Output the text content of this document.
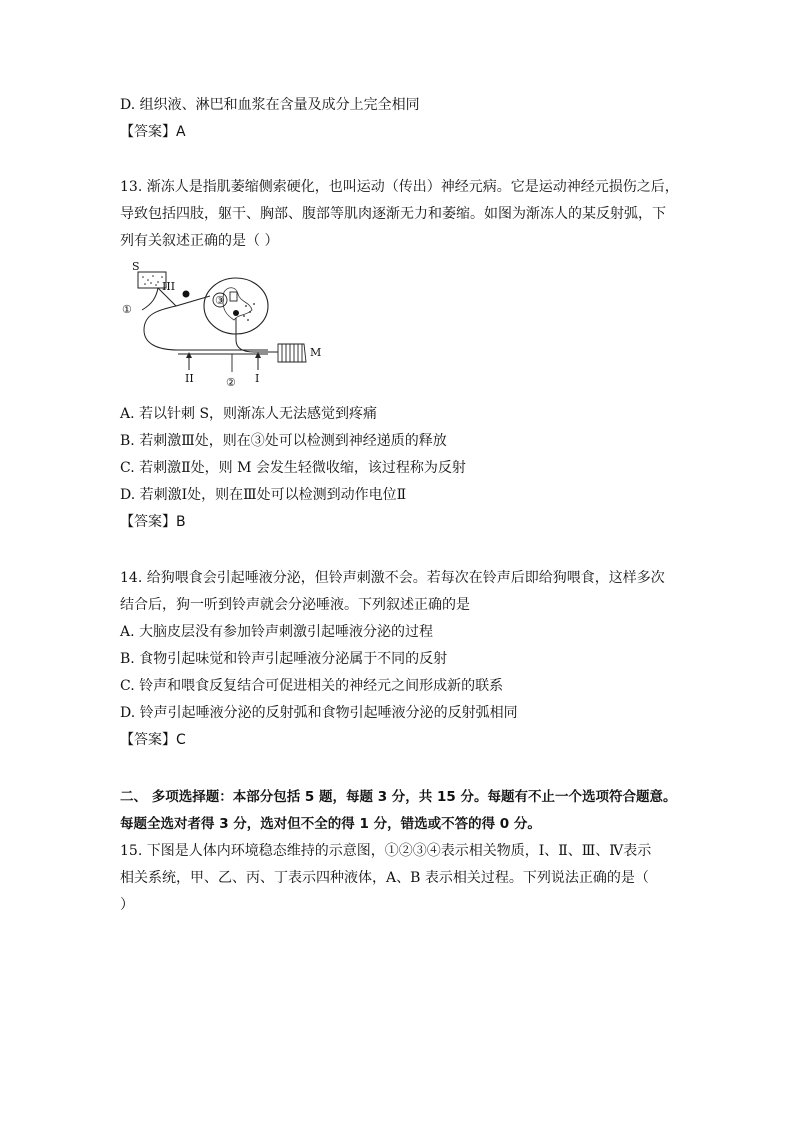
D. 组织液、淋巴和血浆在含量及成分上完全相同
【答案】A
13. 渐冻人是指肌萎缩侧索硬化，也叫运动（传出）神经元病。它是运动神经元损伤之后，
导致包括四肢，躯干、胸部、腹部等肌肉逐渐无力和萎缩。如图为渐冻人的某反射弧，下
列有关叙述正确的是（ ）
S
①
III
③
M
II	I
②
A. 若以针刺 S，则渐冻人无法感觉到疼痛
B. 若刺激Ⅲ处，则在③处可以检测到神经递质的释放
C. 若刺激Ⅱ处，则 M 会发生轻微收缩，该过程称为反射
D. 若刺激Ⅰ处，则在Ⅲ处可以检测到动作电位Ⅱ
【答案】B
14. 给狗喂食会引起唾液分泌，但铃声刺激不会。若每次在铃声后即给狗喂食，这样多次
结合后，狗一听到铃声就会分泌唾液。下列叙述正确的是
A. 大脑皮层没有参加铃声刺激引起唾液分泌的过程
B. 食物引起味觉和铃声引起唾液分泌属于不同的反射
C. 铃声和喂食反复结合可促进相关的神经元之间形成新的联系
D. 铃声引起唾液分泌的反射弧和食物引起唾液分泌的反射弧相同
【答案】C
二、 多项选择题：本部分包括 5 题，每题 3 分，共 15 分。每题有不止一个选项符合题意。
每题全选对者得 3 分，选对但不全的得 1 分，错选或不答的得 0 分。
15. 下图是人体内环境稳态维持的示意图，①②③④表示相关物质，Ⅰ、Ⅱ、Ⅲ、Ⅳ表示
相关系统，甲、乙、丙、丁表示四种液体，A、B 表示相关过程。下列说法正确的是（
）
